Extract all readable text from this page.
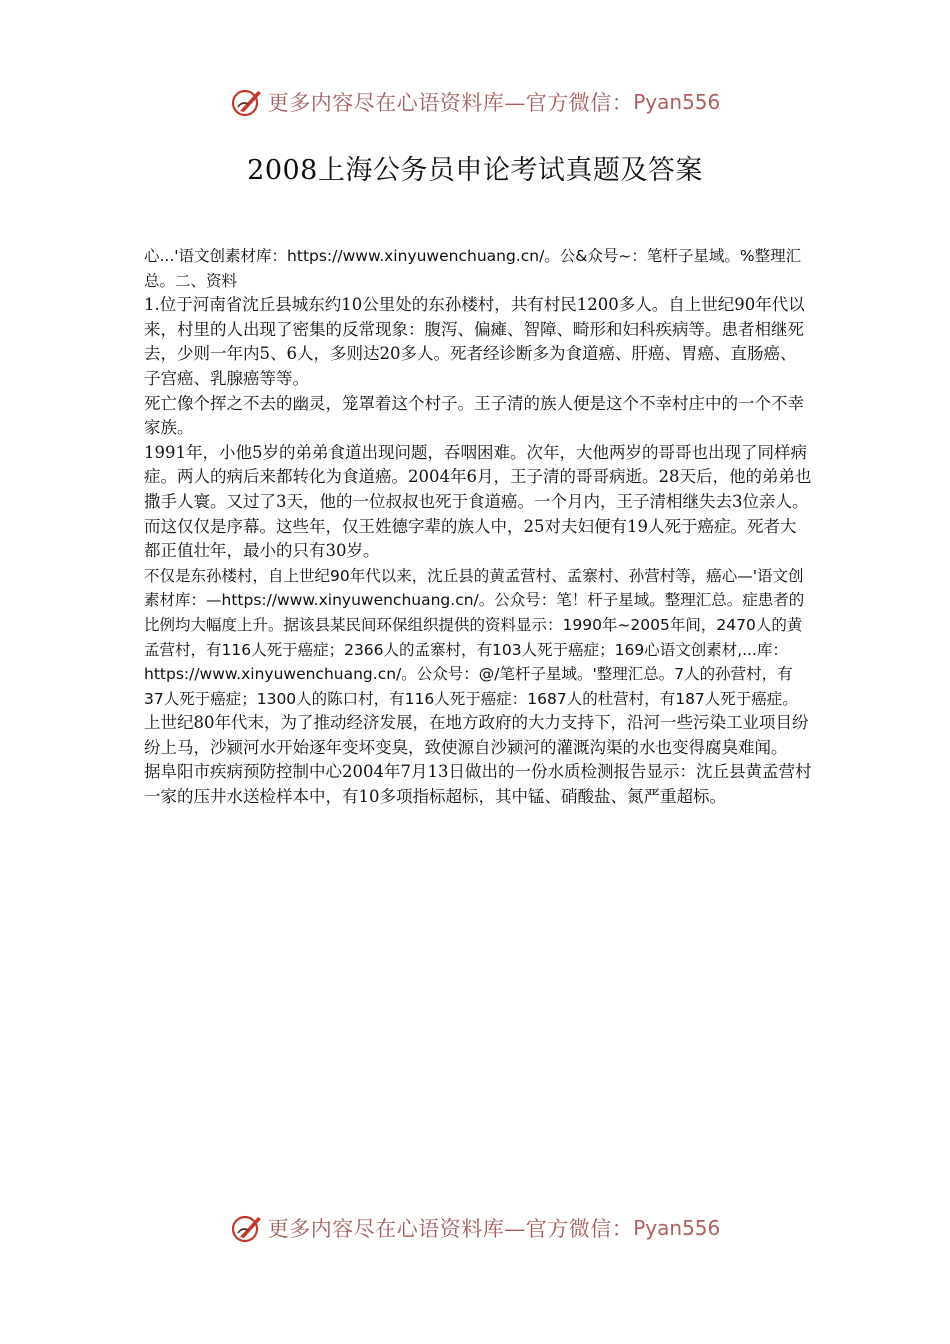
更多内容尽在心语资料库—官方微信： Pyan556
2008上海公务员申论考试真题及答案

心...'语文创素材库：https://www.xinyuwenchuang.cn/。公&众号~：笔杆子星域。%整理汇总。二、资料

1.位于河南省沈丘县城东约10公里处的东孙楼村，共有村民1200多人。自上世纪90年代以来，村里的人出现了密集的反常现象：腹泻、偏瘫、智障、畸形和妇科疾病等。患者相继死去，少则一年内5、6人，多则达20多人。死者经诊断多为食道癌、肝癌、胃癌、直肠癌、子宫癌、乳腺癌等等。

死亡像个挥之不去的幽灵，笼罩着这个村子。王子清的族人便是这个不幸村庄中的一个不幸家族。

1991年，小他5岁的弟弟食道出现问题，吞咽困难。次年，大他两岁的哥哥也出现了同样病症。两人的病后来都转化为食道癌。2004年6月，王子清的哥哥病逝。28天后，他的弟弟也撒手人寰。又过了3天，他的一位叔叔也死于食道癌。一个月内，王子清相继失去3位亲人。

而这仅仅是序幕。这些年，仅王姓德字辈的族人中，25对夫妇便有19人死于癌症。死者大都正值壮年，最小的只有30岁。

不仅是东孙楼村，自上世纪90年代以来，沈丘县的黄孟营村、孟寨村、孙营村等，癌心—'语文创素材库：—https://www.xinyuwenchuang.cn/。公众号：笔！杆子星域。整理汇总。症患者的比例均大幅度上升。据该县某民间环保组织提供的资料显示：1990年~2005年间，2470人的黄孟营村，有116人死于癌症；2366人的孟寨村，有103人死于癌症；169心语文创素材,...库：https://www.xinyuwenchuang.cn/。公众号：@/笔杆子星域。'整理汇总。7人的孙营村，有37人死于癌症；1300人的陈口村，有116人死于癌症：1687人的杜营村，有187人死于癌症。

上世纪80年代末，为了推动经济发展，在地方政府的大力支持下，沿河一些污染工业项目纷纷上马，沙颍河水开始逐年变坏变臭，致使源自沙颍河的灌溉沟渠的水也变得腐臭难闻。

据阜阳市疾病预防控制中心2004年7月13日做出的一份水质检测报告显示：沈丘县黄孟营村一家的压井水送检样本中，有10多项指标超标，其中锰、硝酸盐、氮严重超标。

更多内容尽在心语资料库—官方微信： Pyan556
